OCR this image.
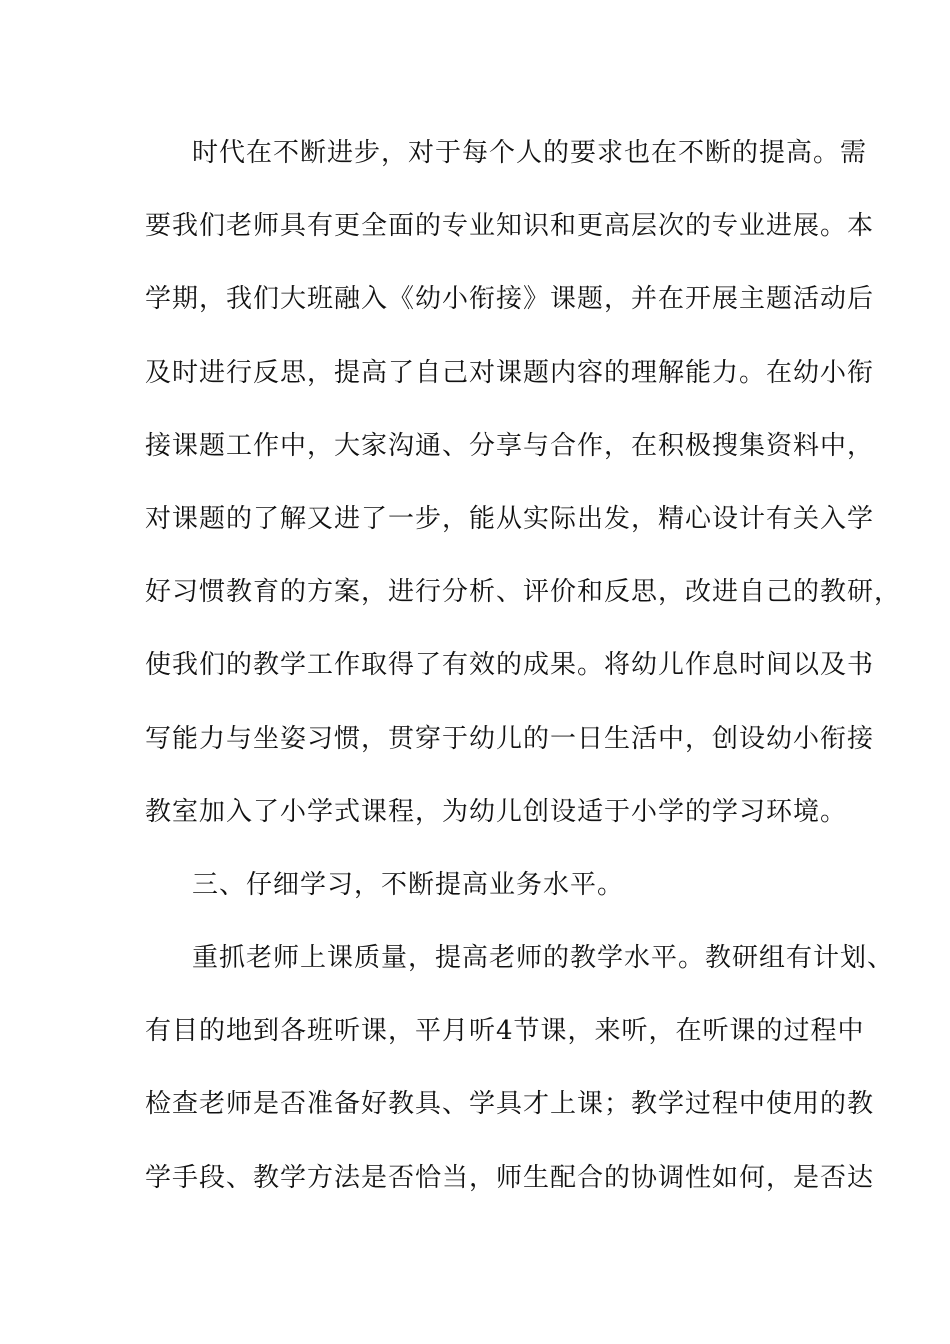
时代在不断进步，对于每个人的要求也在不断的提高。需
要我们老师具有更全面的专业知识和更高层次的专业进展。本
学期，我们大班融入《幼小衔接》课题，并在开展主题活动后
及时进行反思，提高了自己对课题内容的理解能力。在幼小衔
接课题工作中，大家沟通、分享与合作，在积极搜集资料中，
对课题的了解又进了一步，能从实际出发，精心设计有关入学
好习惯教育的方案，进行分析、评价和反思，改进自己的教研，
使我们的教学工作取得了有效的成果。将幼儿作息时间以及书
写能力与坐姿习惯，贯穿于幼儿的一日生活中，创设幼小衔接
教室加入了小学式课程，为幼儿创设适于小学的学习环境。
三、仔细学习，不断提高业务水平。
重抓老师上课质量，提高老师的教学水平。教研组有计划、
有目的地到各班听课，平月听4节课，来听，在听课的过程中
检查老师是否准备好教具、学具才上课；教学过程中使用的教
学手段、教学方法是否恰当，师生配合的协调性如何，是否达
